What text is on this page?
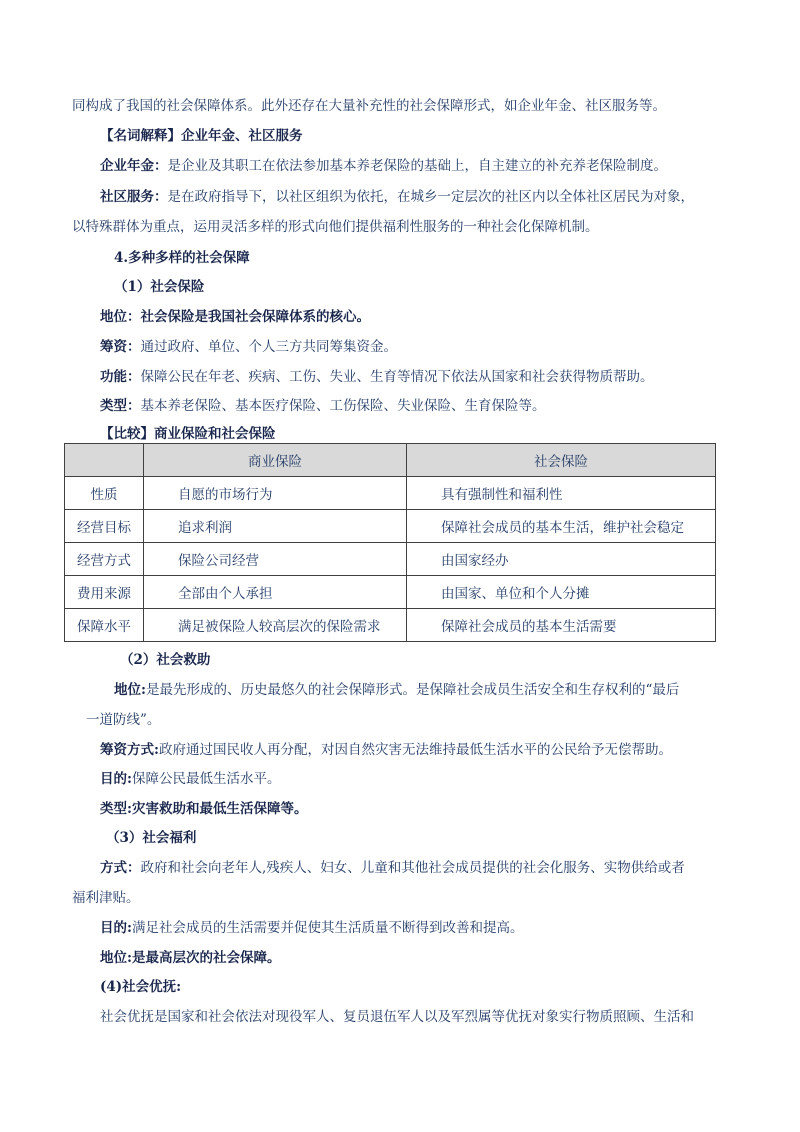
同构成了我国的社会保障体系。此外还存在大量补充性的社会保障形式，如企业年金、社区服务等。
【名词解释】企业年金、社区服务
企业年金：是企业及其职工在依法参加基本养老保险的基础上，自主建立的补充养老保险制度。
社区服务：是在政府指导下，以社区组织为依托，在城乡一定层次的社区内以全体社区居民为对象，
以特殊群体为重点，运用灵活多样的形式向他们提供福利性服务的一种社会化保障机制。
4.多种多样的社会保障
（1）社会保险
地位：社会保险是我国社会保障体系的核心。
筹资：通过政府、单位、个人三方共同筹集资金。
功能：保障公民在年老、疾病、工伤、失业、生育等情况下依法从国家和社会获得物质帮助。
类型：基本养老保险、基本医疗保险、工伤保险、失业保险、生育保险等。
【比较】商业保险和社会保险
	商业保险	社会保险
性质	自愿的市场行为	具有强制性和福利性
经营目标	追求利润	保障社会成员的基本生活，维护社会稳定
经营方式	保险公司经营	由国家经办
费用来源	全部由个人承担	由国家、单位和个人分摊
保障水平	满足被保险人较高层次的保险需求	保障社会成员的基本生活需要
（2）社会救助
地位:是最先形成的、历史最悠久的社会保障形式。是保障社会成员生活安全和生存权利的“最后
一道防线”。
筹资方式:政府通过国民收人再分配，对因自然灾害无法维持最低生活水平的公民给予无偿帮助。
目的:保障公民最低生活水平。
类型:灾害救助和最低生活保障等。
（3）社会福利
方式：政府和社会向老年人,残疾人、妇女、儿童和其他社会成员提供的社会化服务、实物供给或者
福利津贴。
目的:满足社会成员的生活需要并促使其生活质量不断得到改善和提高。
地位:是最高层次的社会保障。
(4)社会优抚:
社会优抚是国家和社会依法对现役军人、复员退伍军人以及军烈属等优抚对象实行物质照顾、生活和
